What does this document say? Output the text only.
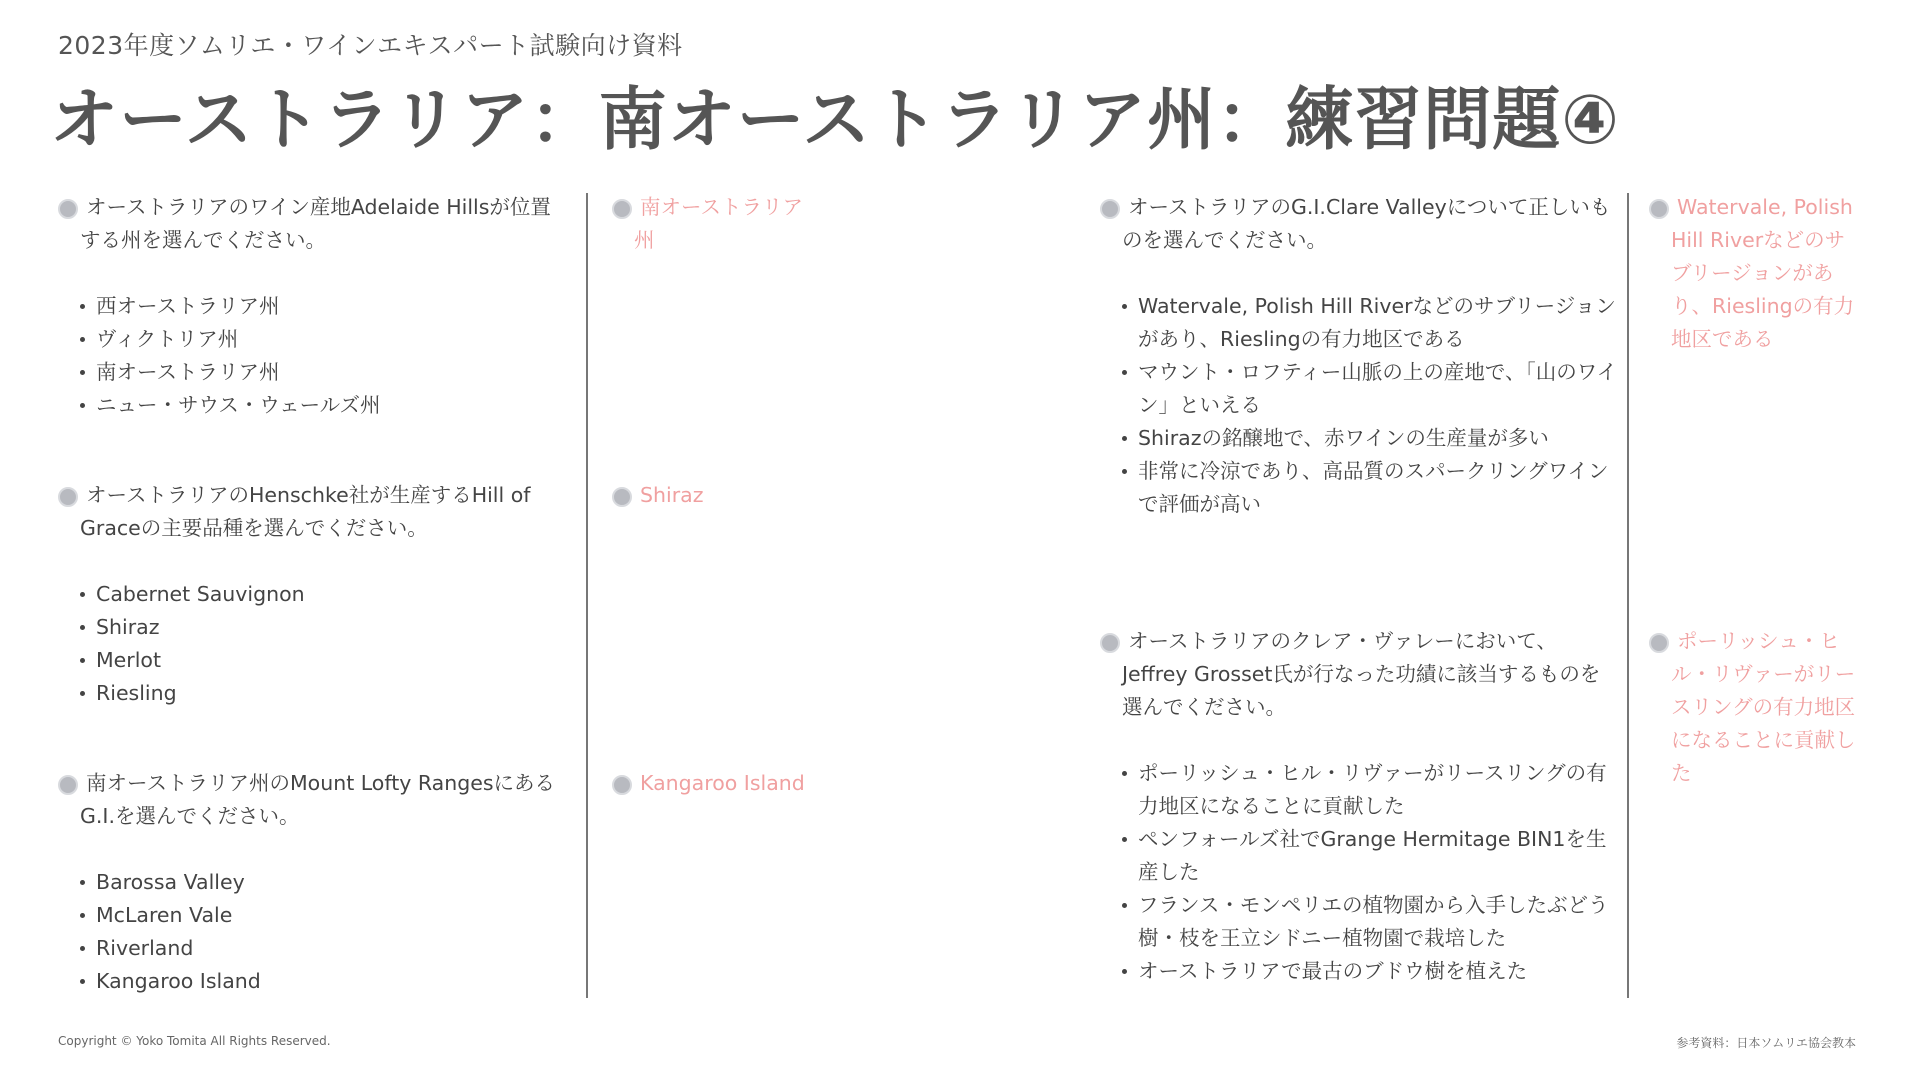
2023年度ソムリエ・ワインエキスパート試験向け資料
オーストラリア：南オーストラリア州：練習問題④
オーストラリアのワイン産地Adelaide Hillsが位置する州を選んでください。
西オーストラリア州
ヴィクトリア州
南オーストラリア州
ニュー・サウス・ウェールズ州
南オーストラリア州
オーストラリアのHenschke社が生産するHill of Graceの主要品種を選んでください。
Cabernet Sauvignon
Shiraz
Merlot
Riesling
Shiraz
南オーストラリア州のMount Lofty RangesにあるG.I.を選んでください。
Barossa Valley
McLaren Vale
Riverland
Kangaroo Island
Kangaroo Island
オーストラリアのG.I.Clare Valleyについて正しいものを選んでください。
Watervale, Polish Hill Riverなどのサブリージョンがあり、Rieslingの有力地区である
マウント・ロフティー山脈の上の産地で、「山のワイン」といえる
Shirazの銘醸地で、赤ワインの生産量が多い
非常に冷涼であり、高品質のスパークリングワインで評価が高い
Watervale, Polish Hill Riverなどのサブリージョンがあり、Rieslingの有力地区である
オーストラリアのクレア・ヴァレーにおいて、Jeffrey Grosset氏が行なった功績に該当するものを選んでください。
ポーリッシュ・ヒル・リヴァーがリースリングの有力地区になることに貢献した
ペンフォールズ社でGrange Hermitage BIN1を生産した
フランス・モンペリエの植物園から入手したぶどう樹・枝を王立シドニー植物園で栽培した
オーストラリアで最古のブドウ樹を植えた
ポーリッシュ・ヒル・リヴァーがリースリングの有力地区になることに貢献した
Copyright © Yoko Tomita All Rights Reserved.	参考資料：日本ソムリエ協会教本
